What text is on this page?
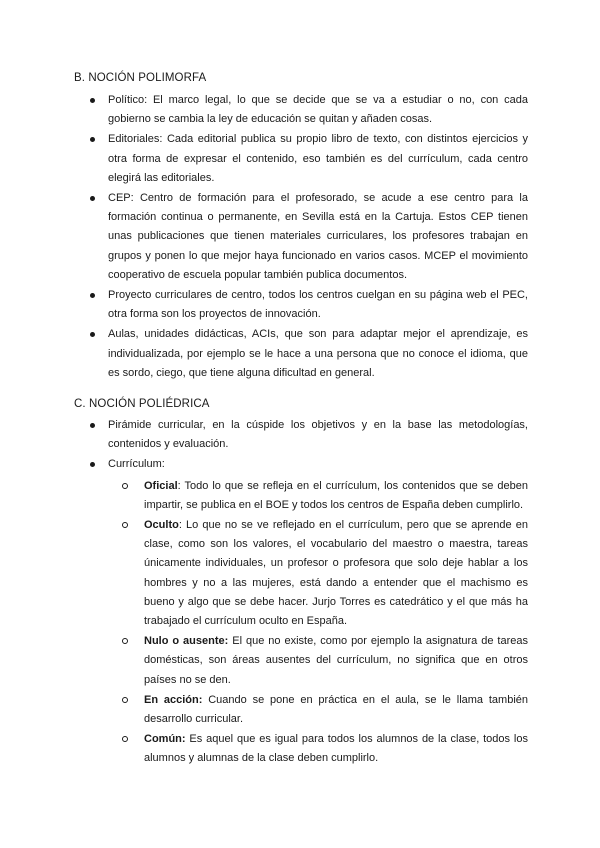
B. NOCIÓN POLIMORFA
Político: El marco legal, lo que se decide que se va a estudiar o no, con cada gobierno se cambia la ley de educación se quitan y añaden cosas.
Editoriales: Cada editorial publica su propio libro de texto, con distintos ejercicios y otra forma de expresar el contenido, eso también es del currículum, cada centro elegirá las editoriales.
CEP: Centro de formación para el profesorado, se acude a ese centro para la formación continua o permanente, en Sevilla está en la Cartuja. Estos CEP tienen unas publicaciones que tienen materiales curriculares, los profesores trabajan en grupos y ponen lo que mejor haya funcionado en varios casos. MCEP el movimiento cooperativo de escuela popular también publica documentos.
Proyecto curriculares de centro, todos los centros cuelgan en su página web el PEC, otra forma son los proyectos de innovación.
Aulas, unidades didácticas, ACIs, que son para adaptar mejor el aprendizaje, es individualizada, por ejemplo se le hace a una persona que no conoce el idioma, que es sordo, ciego, que tiene alguna dificultad en general.
C. NOCIÓN POLIÉDRICA
Pirámide curricular, en la cúspide los objetivos y en la base las metodologías, contenidos y evaluación.
Currículum:
Oficial: Todo lo que se refleja en el currículum, los contenidos que se deben impartir, se publica en el BOE y todos los centros de España deben cumplirlo.
Oculto: Lo que no se ve reflejado en el currículum, pero que se aprende en clase, como son los valores, el vocabulario del maestro o maestra, tareas únicamente individuales, un profesor o profesora que solo deje hablar a los hombres y no a las mujeres, está dando a entender que el machismo es bueno y algo que se debe hacer. Jurjo Torres es catedrático y el que más ha trabajado el currículum oculto en España.
Nulo o ausente: El que no existe, como por ejemplo la asignatura de tareas domésticas, son áreas ausentes del currículum, no significa que en otros países no se den.
En acción: Cuando se pone en práctica en el aula, se le llama también desarrollo curricular.
Común: Es aquel que es igual para todos los alumnos de la clase, todos los alumnos y alumnas de la clase deben cumplirlo.
